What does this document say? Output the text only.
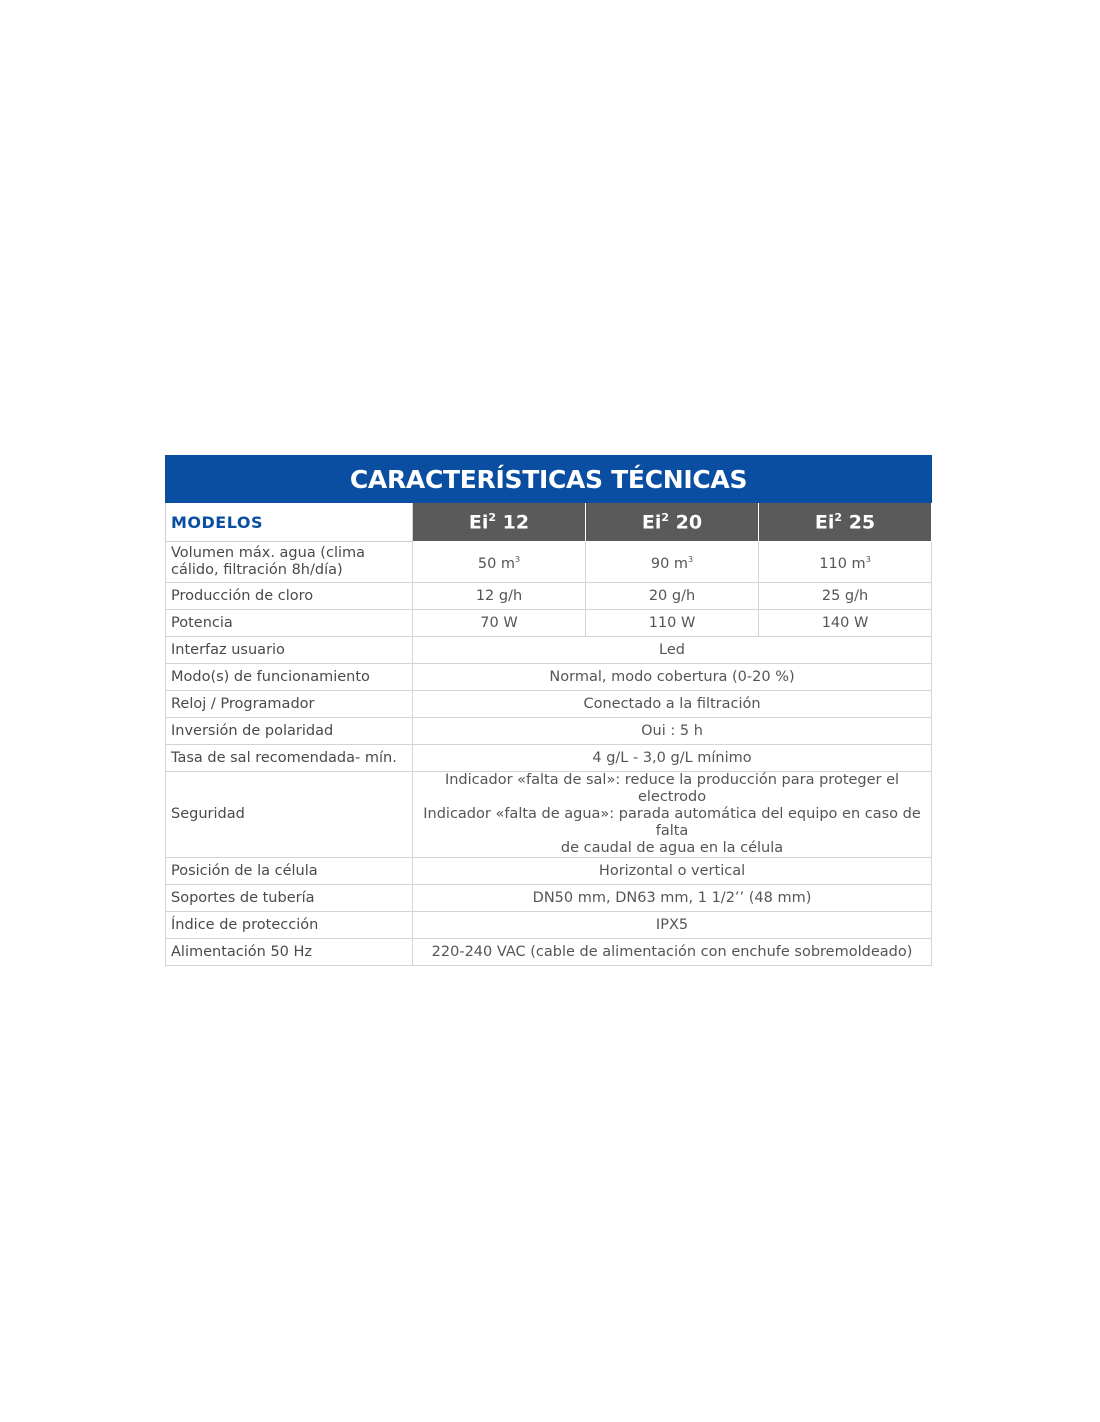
CARACTERÍSTICAS TÉCNICAS			
MODELOS	Ei$^2$ 12	Ei$^2$ 20	Ei$^2$ 25
Volumen máx. agua (clima cálido, filtración 8h/día)	50 $m^3$	90 $m^3$	110 $m^3$
Producción de cloro	12 g/h	20 g/h	25 g/h
Potencia	70 W	110 W	140 W
Interfaz usuario	Led		
Modo(s) de funcionamiento	Normal, modo cobertura (0-20 %)		
Reloj / Programador	Conectado a la filtración		
Inversión de polaridad	Oui : 5 h		
Tasa de sal recomendada- mín.	4 g/L - 3,0 g/L mínimo		
Seguridad	Indicador «falta de sal»: reduce la producción para proteger el electrodo
Indicador «falta de agua»: parada automática del equipo en caso de falta
de caudal de agua en la célula		

Posición de la célula	Horizontal o vertical		
Soportes de tubería	DN50 mm, DN63 mm, 1 1/2’’ (48 mm)		
Índice de protección	IPX5		
Alimentación 50 Hz	220-240 VAC (cable de alimentación con enchufe sobremoldeado)		
